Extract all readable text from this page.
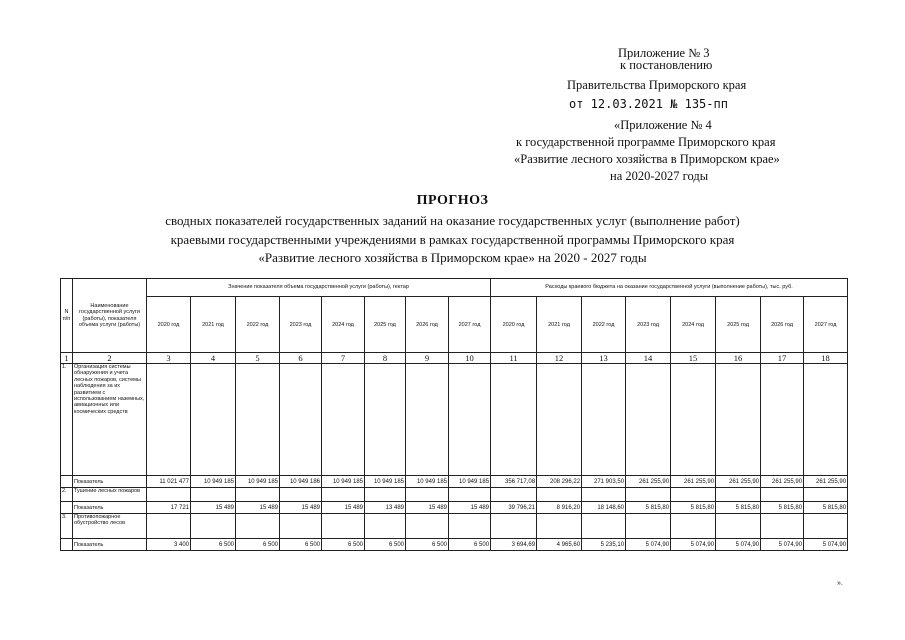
Приложение № 3
к постановлению
Правительства Приморского края
от 12.03.2021 № 135-пп
«Приложение № 4
к государственной программе Приморского края
«Развитие лесного хозяйства в Приморском крае»
на 2020-2027 годы
ПРОГНОЗ
сводных показателей государственных заданий на оказание государственных услуг (выполнение работ)
краевыми государственными учреждениями в рамках государственной программы Приморского края
«Развитие лесного хозяйства в Приморском крае» на 2020 - 2027 годы
N п/п	Наименование государственной услуги (работы), показателя объема услуги (работы)	Значение показателя объема государственной услуги (работы), гектар								Расходы краевого бюджета на оказание государственной услуги (выполнение работы), тыс. руб.							
		2020 год	2021 год	2022 год	2023 год	2024 год	2025 год	2026 год	2027 год	2020 год	2021 год	2022 год	2023 год	2024 год	2025 год	2026 год	2027 год
1	2	3	4	5	6	7	8	9	10	11	12	13	14	15	16	17	18
1.	Организация системы обнаружения и учета лесных пожаров, системы наблюдения за их развитием с использованием наземных, авиационных или космических средств																
	Показатель	11 021 477	10 949 185	10 949 185	10 949 186	10 949 185	10 949 185	10 949 185	10 949 185	356 717,08	208 296,22	271 903,50	261 255,90	261 255,90	261 255,90	261 255,90	261 255,90
2.	Тушение лесных пожаров																
	Показатель	17 721	15 489	15 489	15 489	15 489	13 489	15 489	15 489	39 796,21	8 916,20	18 148,60	5 815,80	5 815,80	5 815,80	5 815,80	5 815,80
3.	Противопожарное обустройство лесов																
	Показатель	3 400	6 500	6 500	6 500	6 500	6 500	6 500	6 500	3 694,69	4 965,60	5 235,10	5 074,90	5 074,90	5 074,90	5 074,90	5 074,90
».
